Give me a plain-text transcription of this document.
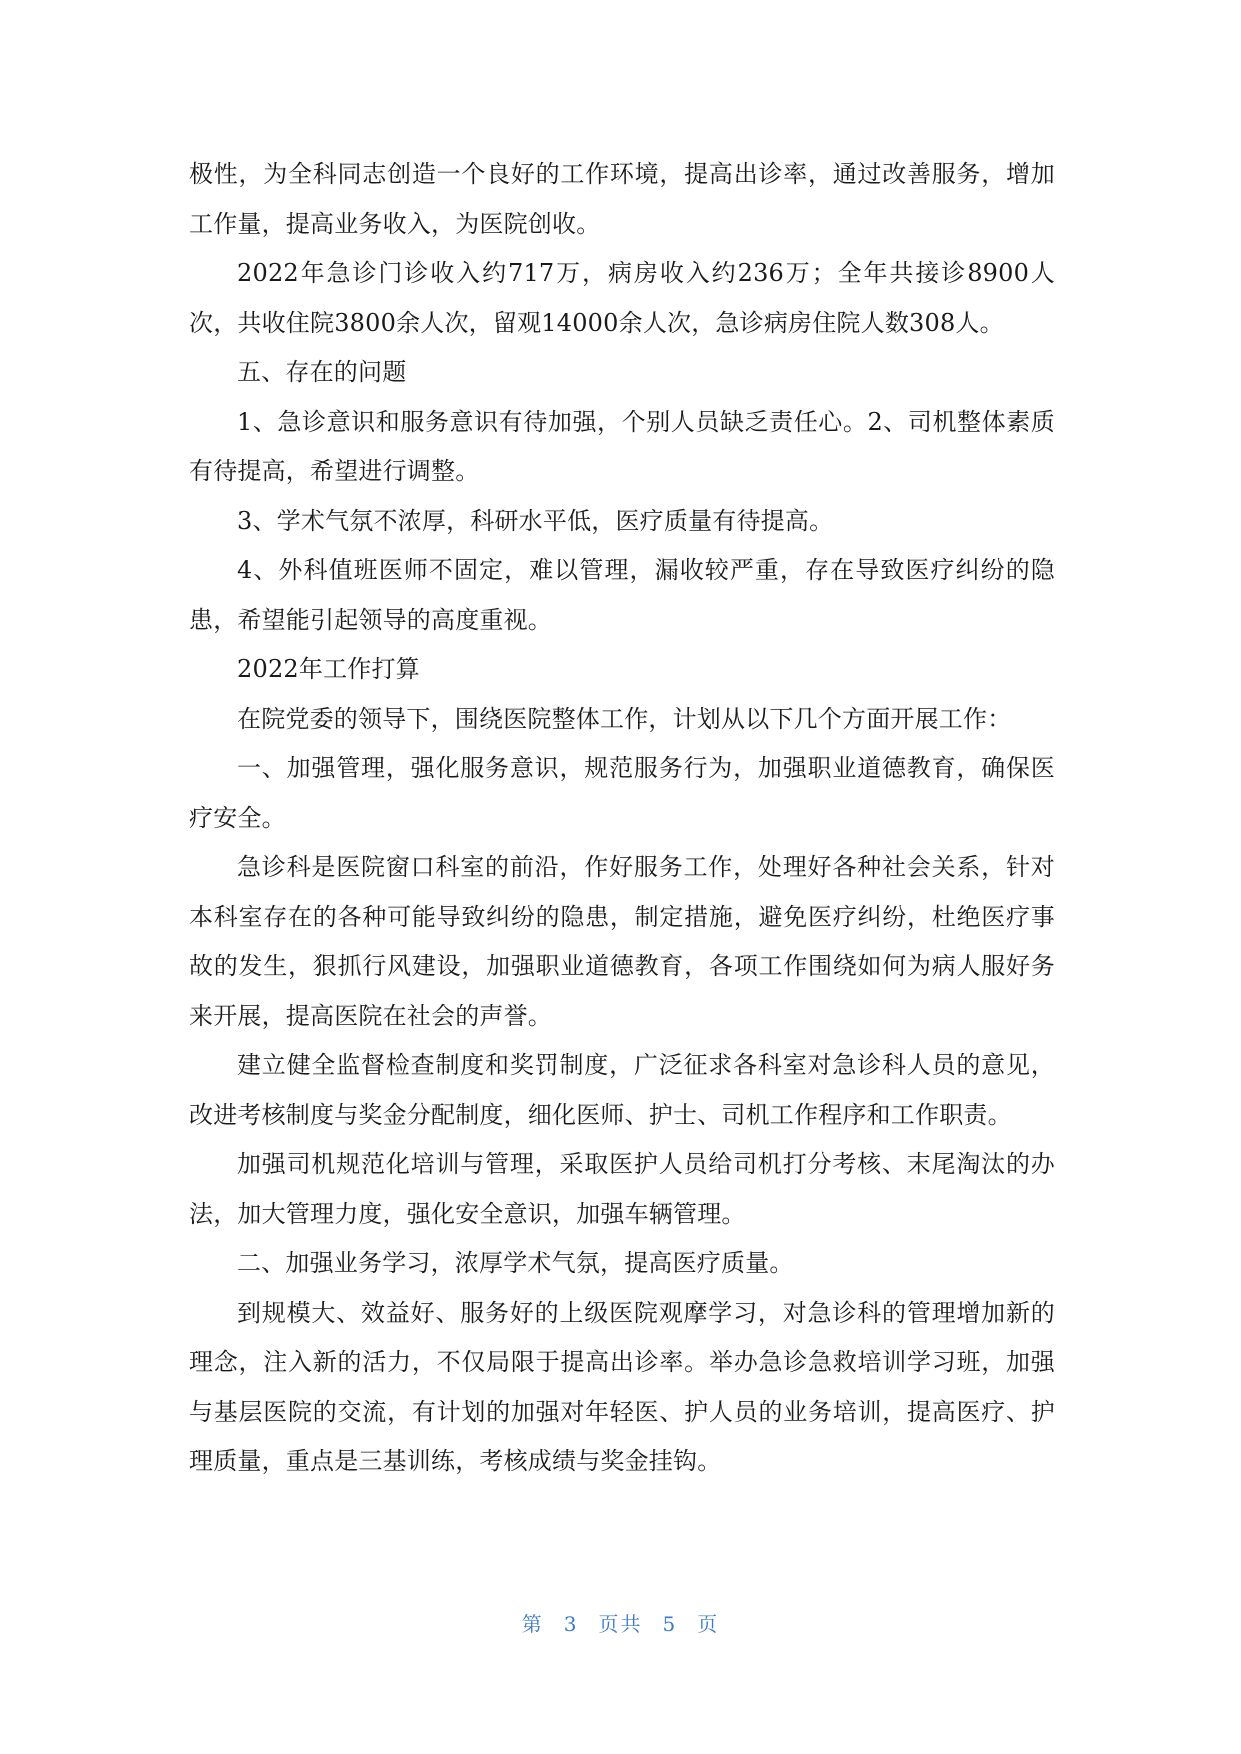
极性，为全科同志创造一个良好的工作环境，提高出诊率，通过改善服务，增加工作量，提高业务收入，为医院创收。

2022年急诊门诊收入约717万，病房收入约236万；全年共接诊8900人次，共收住院3800余人次，留观14000余人次，急诊病房住院人数308人。

五、存在的问题

1、急诊意识和服务意识有待加强，个别人员缺乏责任心。2、司机整体素质有待提高，希望进行调整。

3、学术气氛不浓厚，科研水平低，医疗质量有待提高。

4、外科值班医师不固定，难以管理，漏收较严重，存在导致医疗纠纷的隐患，希望能引起领导的高度重视。

2022年工作打算

在院党委的领导下，围绕医院整体工作，计划从以下几个方面开展工作：

一、加强管理，强化服务意识，规范服务行为，加强职业道德教育，确保医疗安全。

急诊科是医院窗口科室的前沿，作好服务工作，处理好各种社会关系，针对本科室存在的各种可能导致纠纷的隐患，制定措施，避免医疗纠纷，杜绝医疗事故的发生，狠抓行风建设，加强职业道德教育，各项工作围绕如何为病人服好务来开展，提高医院在社会的声誉。

建立健全监督检查制度和奖罚制度，广泛征求各科室对急诊科人员的意见，改进考核制度与奖金分配制度，细化医师、护士、司机工作程序和工作职责。

加强司机规范化培训与管理，采取医护人员给司机打分考核、末尾淘汰的办法，加大管理力度，强化安全意识，加强车辆管理。

二、加强业务学习，浓厚学术气氛，提高医疗质量。

到规模大、效益好、服务好的上级医院观摩学习，对急诊科的管理增加新的理念，注入新的活力，不仅局限于提高出诊率。举办急诊急救培训学习班，加强与基层医院的交流，有计划的加强对年轻医、护人员的业务培训，提高医疗、护理质量，重点是三基训练，考核成绩与奖金挂钩。

第 3 页共 5 页
